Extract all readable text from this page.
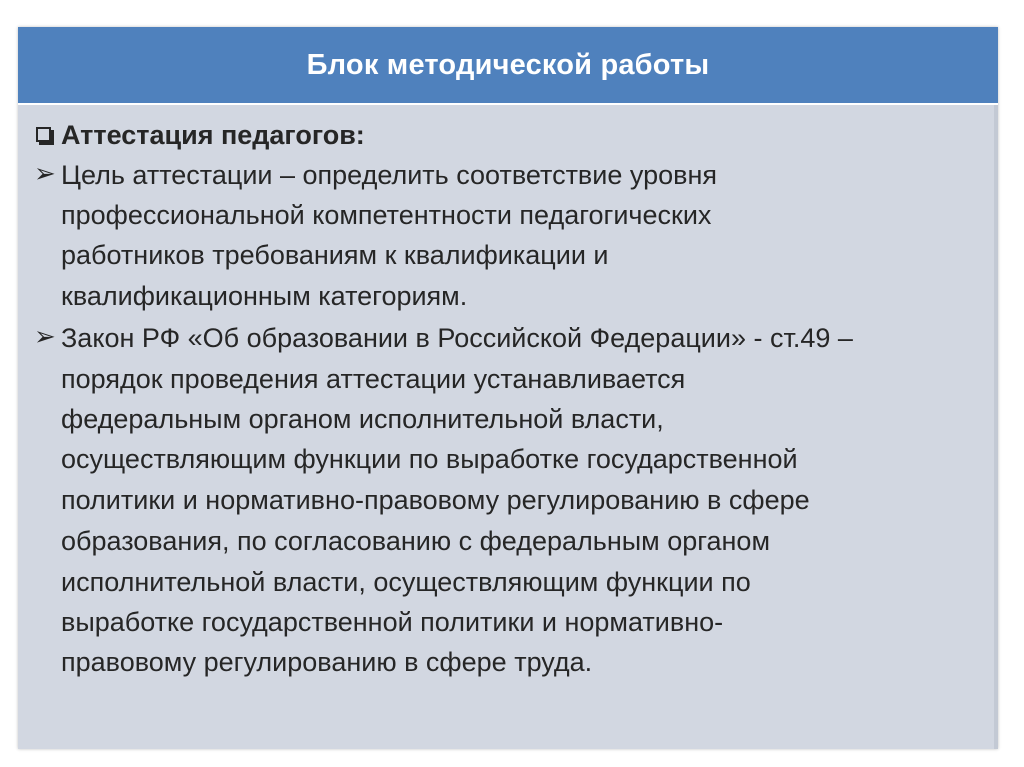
Блок методической работы
Аттестация педагогов:
➢ Цель аттестации – определить соответствие уровня
профессиональной компетентности педагогических
работников требованиям к квалификации и
квалификационным категориям.
➢ Закон РФ «Об образовании в Российской Федерации» - ст.49 –
порядок проведения аттестации устанавливается
федеральным органом исполнительной власти,
осуществляющим функции по выработке государственной
политики и нормативно-правовому регулированию в сфере
образования, по согласованию с федеральным органом
исполнительной власти, осуществляющим функции по
выработке государственной политики и нормативно-
правовому регулированию в сфере труда.
